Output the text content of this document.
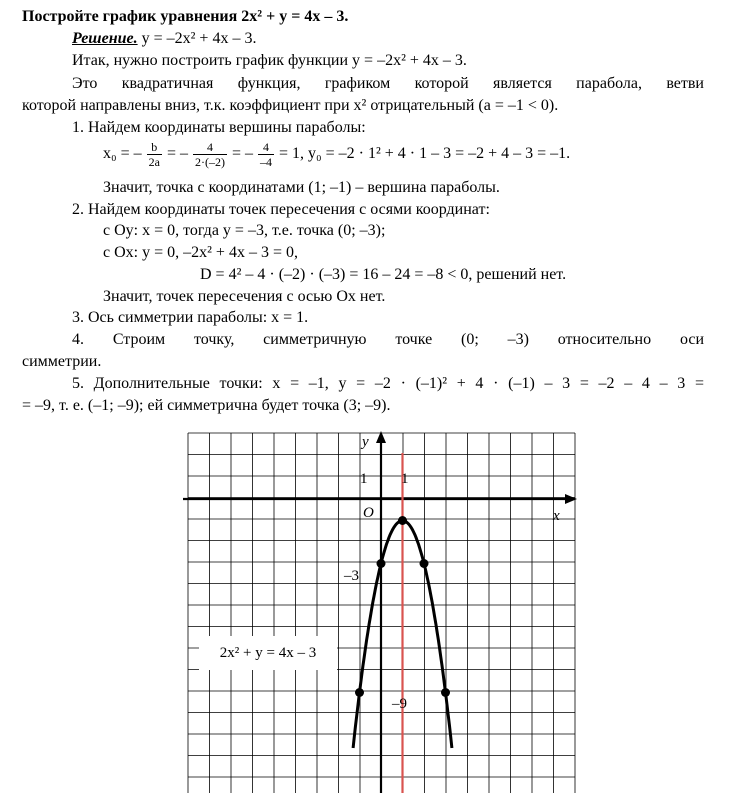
Постройте график уравнения 2x² + y = 4x – 3.
Решение. y = –2x² + 4x – 3.
Итак, нужно построить график функции y = –2x² + 4x – 3.
Это квадратичная функция, графиком которой является парабола, ветви
которой направлены вниз, т.к. коэффициент при x² отрицательный (a = –1 < 0).
1. Найдем координаты вершины параболы:
x₀ = – $\frac{b}{2a}$ = – $\frac{4}{2\cdot(-2)}$ = – $\frac{4}{-4} = 1$, y₀ = –2 · 1² + 4 · 1 – 3 = –2 + 4 – 3 = –1.
Значит, точка с координатами (1; –1) – вершина параболы.
2. Найдем координаты точек пересечения с осями координат:
с Oy: x = 0, тогда y = –3, т.е. точка (0; –3);
с Ox: y = 0, –2x² + 4x – 3 = 0,
D = 4² – 4 · (–2) · (–3) = 16 – 24 = –8 < 0, решений нет.
Значит, точек пересечения с осью Ox нет.
3. Ось симметрии параболы: x = 1.
4. Строим точку, симметричную точке (0; –3) относительно оси
симметрии.
5. Дополнительные точки: x = –1, y = –2 · (–1)² + 4 · (–1) – 3 = –2 – 4 – 3 =
= –9, т. е. (–1; –9); ей симметрична будет точка (3; –9).
y
x
O
1 1
–3
–9
2x² + y = 4x – 3
